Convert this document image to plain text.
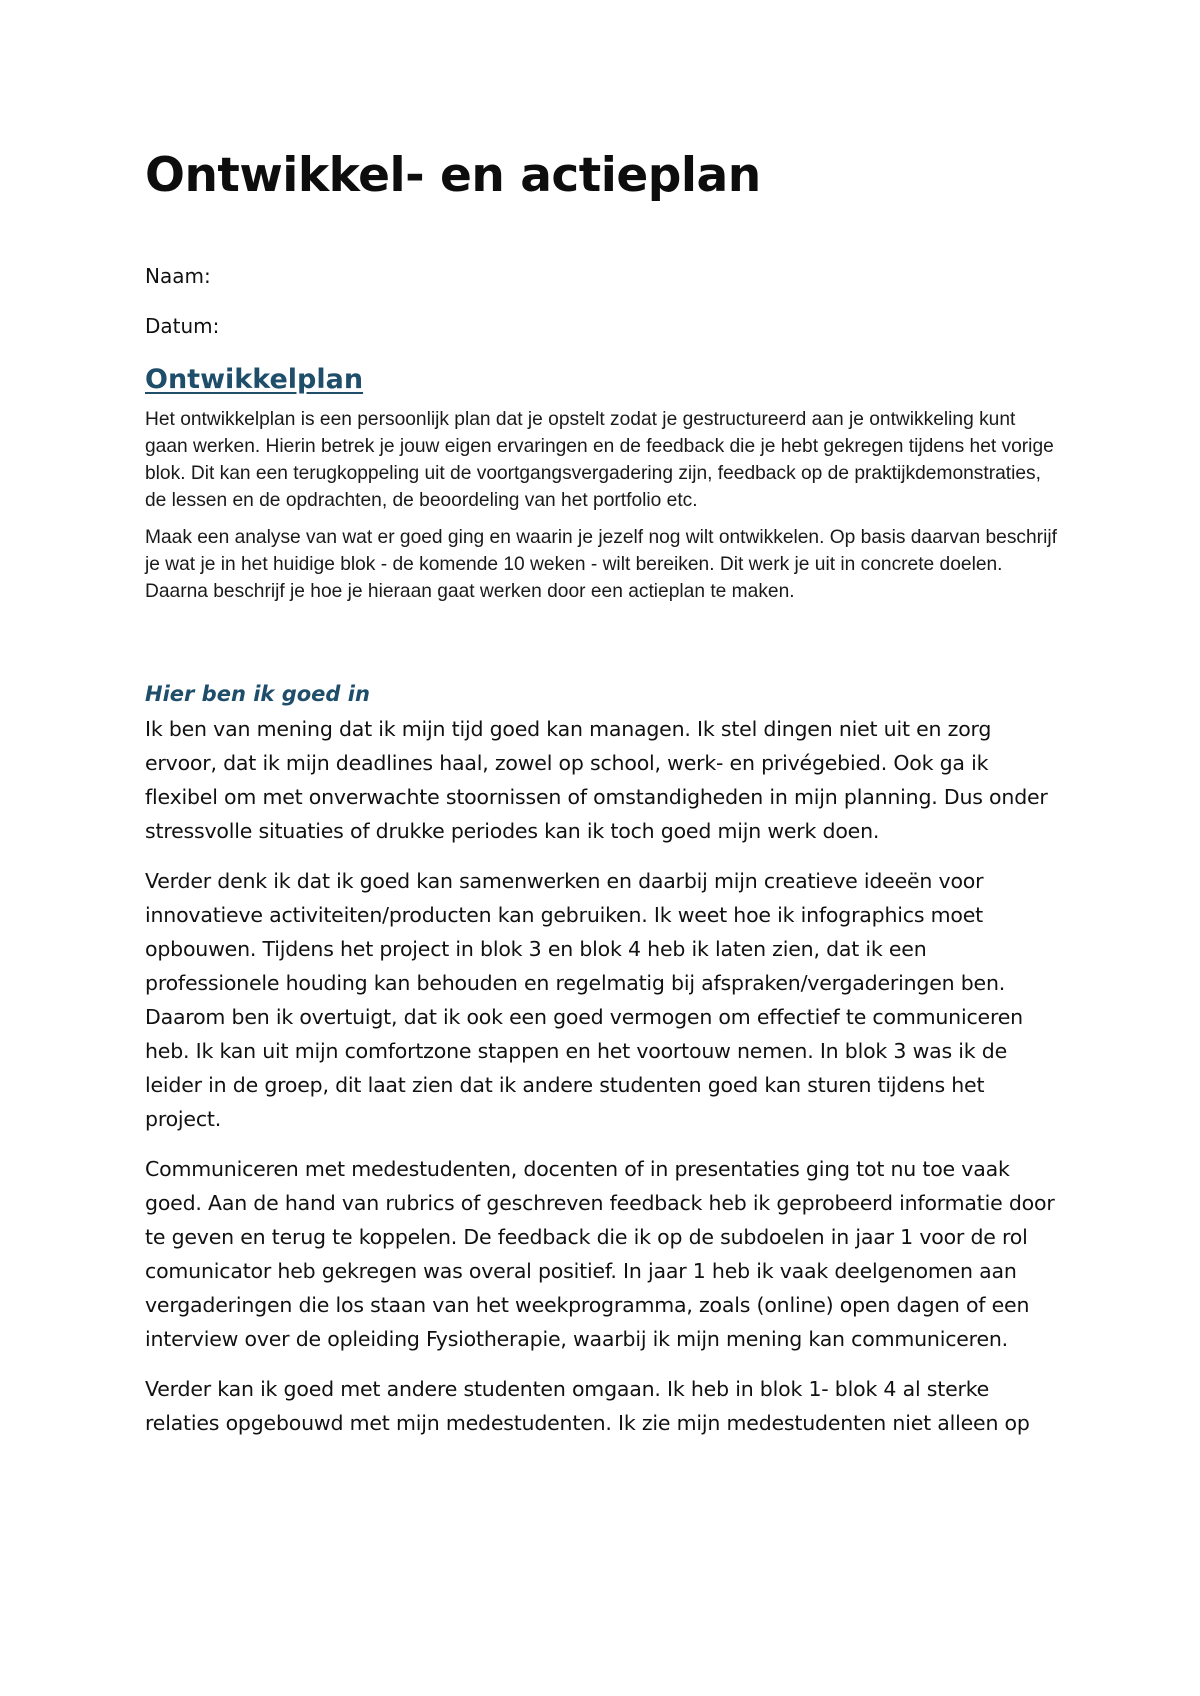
Ontwikkel- en actieplan

Naam:

Datum:

Ontwikkelplan

Het ontwikkelplan is een persoonlijk plan dat je opstelt zodat je gestructureerd aan je ontwikkeling kunt gaan werken. Hierin betrek je jouw eigen ervaringen en de feedback die je hebt gekregen tijdens het vorige blok. Dit kan een terugkoppeling uit de voortgangsvergadering zijn, feedback op de praktijkdemonstraties, de lessen en de opdrachten, de beoordeling van het portfolio etc.

Maak een analyse van wat er goed ging en waarin je jezelf nog wilt ontwikkelen. Op basis daarvan beschrijf je wat je in het huidige blok - de komende 10 weken - wilt bereiken. Dit werk je uit in concrete doelen. Daarna beschrijf je hoe je hieraan gaat werken door een actieplan te maken.

Hier ben ik goed in

Ik ben van mening dat ik mijn tijd goed kan managen. Ik stel dingen niet uit en zorg ervoor, dat ik mijn deadlines haal, zowel op school, werk- en privégebied. Ook ga ik flexibel om met onverwachte stoornissen of omstandigheden in mijn planning. Dus onder stressvolle situaties of drukke periodes kan ik toch goed mijn werk doen.

Verder denk ik dat ik goed kan samenwerken en daarbij mijn creatieve ideeën voor innovatieve activiteiten/producten kan gebruiken. Ik weet hoe ik infographics moet opbouwen. Tijdens het project in blok 3 en blok 4 heb ik laten zien, dat ik een professionele houding kan behouden en regelmatig bij afspraken/vergaderingen ben. Daarom ben ik overtuigt, dat ik ook een goed vermogen om effectief te communiceren heb. Ik kan uit mijn comfortzone stappen en het voortouw nemen. In blok 3 was ik de leider in de groep, dit laat zien dat ik andere studenten goed kan sturen tijdens het project.

Communiceren met medestudenten, docenten of in presentaties ging tot nu toe vaak goed. Aan de hand van rubrics of geschreven feedback heb ik geprobeerd informatie door te geven en terug te koppelen. De feedback die ik op de subdoelen in jaar 1 voor de rol comunicator heb gekregen was overal positief. In jaar 1 heb ik vaak deelgenomen aan vergaderingen die los staan van het weekprogramma, zoals (online) open dagen of een interview over de opleiding Fysiotherapie, waarbij ik mijn mening kan communiceren.

Verder kan ik goed met andere studenten omgaan. Ik heb in blok 1- blok 4 al sterke relaties opgebouwd met mijn medestudenten. Ik zie mijn medestudenten niet alleen op
